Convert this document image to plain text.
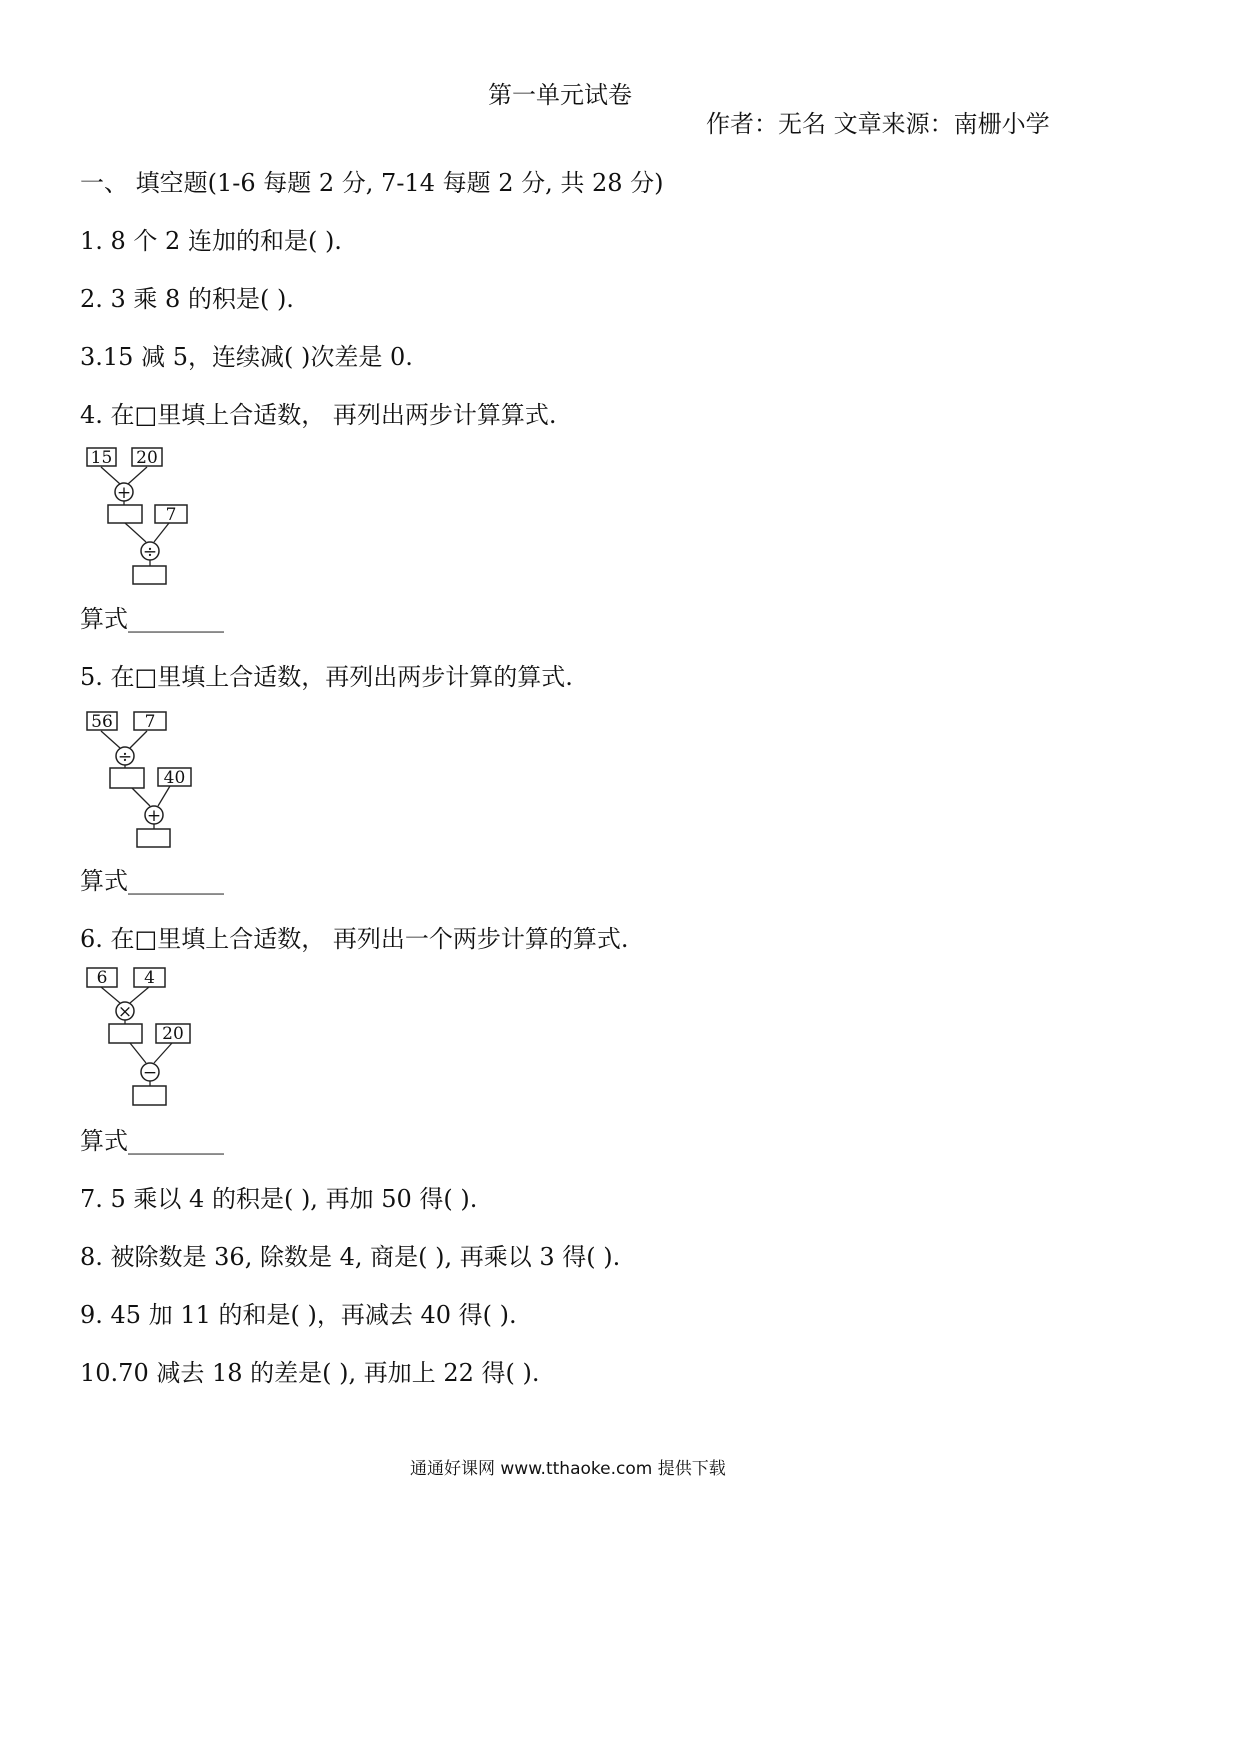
第一单元试卷
作者：无名 文章来源：南栅小学
一、 填空题(1-6 每题 2 分, 7-14 每题 2 分, 共 28 分)
1. 8 个 2 连加的和是( ).
2. 3 乘 8 的积是( ).
3.15 减 5，连续减( )次差是 0.
4. 在□里填上合适数， 再列出两步计算算式.
15 20
+
7
÷
算式________
5. 在□里填上合适数，再列出两步计算的算式.
56 7
÷
40
+
算式________
6. 在□里填上合适数， 再列出一个两步计算的算式.
6 4
×
20
−
算式________
7. 5 乘以 4 的积是( ), 再加 50 得( ).
8. 被除数是 36, 除数是 4, 商是( ), 再乘以 3 得( ).
9. 45 加 11 的和是( )，再减去 40 得( ).
10.70 减去 18 的差是( ), 再加上 22 得( ).
通通好课网 www.tthaoke.com 提供下载
